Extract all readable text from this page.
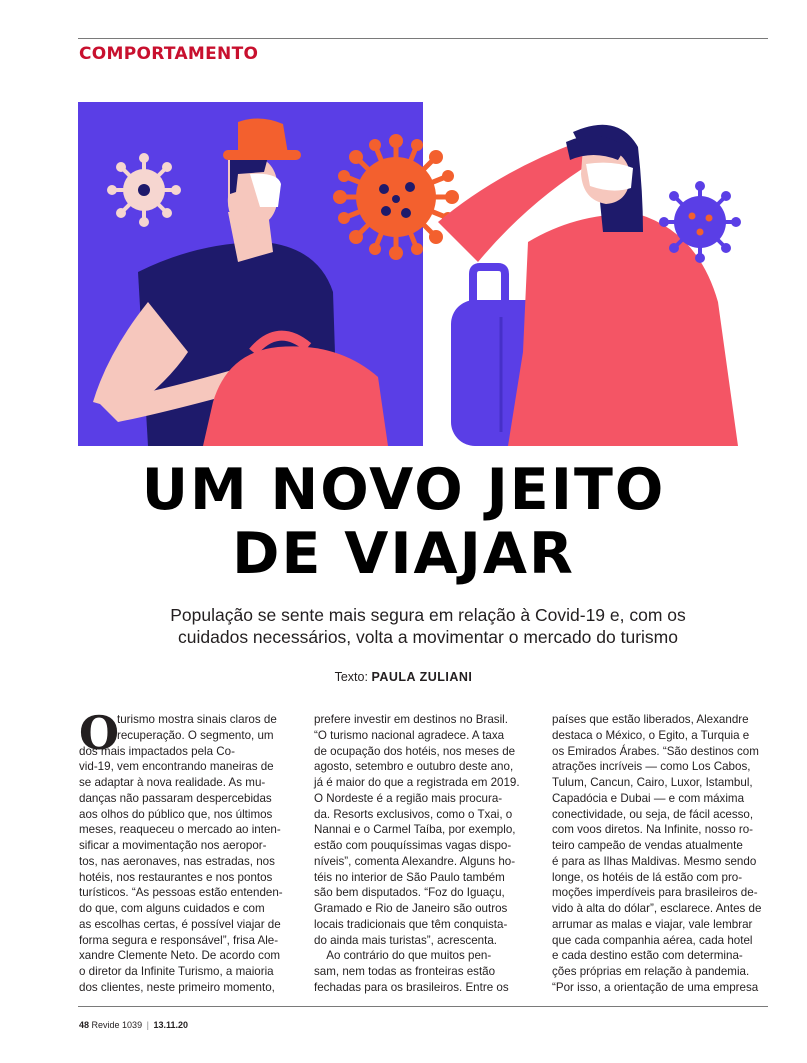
COMPORTAMENTO
UM NOVO JEITO
DE VIAJAR
População se sente mais segura em relação à Covid-19 e, com os
cuidados necessários, volta a movimentar o mercado do turismo
Texto: PAULA ZULIANI
O
turismo mostra sinais claros de
recuperação. O segmento, um
dos mais impactados pela Co-
vid-19, vem encontrando maneiras de
se adaptar à nova realidade. As mu-
danças não passaram despercebidas
aos olhos do público que, nos últimos
meses, reaqueceu o mercado ao inten-
sificar a movimentação nos aeropor-
tos, nas aeronaves, nas estradas, nos
hotéis, nos restaurantes e nos pontos
turísticos. “As pessoas estão entenden-
do que, com alguns cuidados e com
as escolhas certas, é possível viajar de
forma segura e responsável”, frisa Ale-
xandre Clemente Neto. De acordo com
o diretor da Infinite Turismo, a maioria
dos clientes, neste primeiro momento,
prefere investir em destinos no Brasil.
“O turismo nacional agradece. A taxa
de ocupação dos hotéis, nos meses de
agosto, setembro e outubro deste ano,
já é maior do que a registrada em 2019.
O Nordeste é a região mais procura-
da. Resorts exclusivos, como o Txai, o
Nannai e o Carmel Taíba, por exemplo,
estão com pouquíssimas vagas dispo-
níveis”, comenta Alexandre. Alguns ho-
téis no interior de São Paulo também
são bem disputados. “Foz do Iguaçu,
Gramado e Rio de Janeiro são outros
locais tradicionais que têm conquista-
do ainda mais turistas”, acrescenta.
Ao contrário do que muitos pen-
sam, nem todas as fronteiras estão
fechadas para os brasileiros. Entre os
países que estão liberados, Alexandre
destaca o México, o Egito, a Turquia e
os Emirados Árabes. “São destinos com
atrações incríveis — como Los Cabos,
Tulum, Cancun, Cairo, Luxor, Istambul,
Capadócia e Dubai — e com máxima
conectividade, ou seja, de fácil acesso,
com voos diretos. Na Infinite, nosso ro-
teiro campeão de vendas atualmente
é para as Ilhas Maldivas. Mesmo sendo
longe, os hotéis de lá estão com pro-
moções imperdíveis para brasileiros de-
vido à alta do dólar”, esclarece. Antes de
arrumar as malas e viajar, vale lembrar
que cada companhia aérea, cada hotel
e cada destino estão com determina-
ções próprias em relação à pandemia.
“Por isso, a orientação de uma empresa
48 Revide 1039 | 13.11.20
